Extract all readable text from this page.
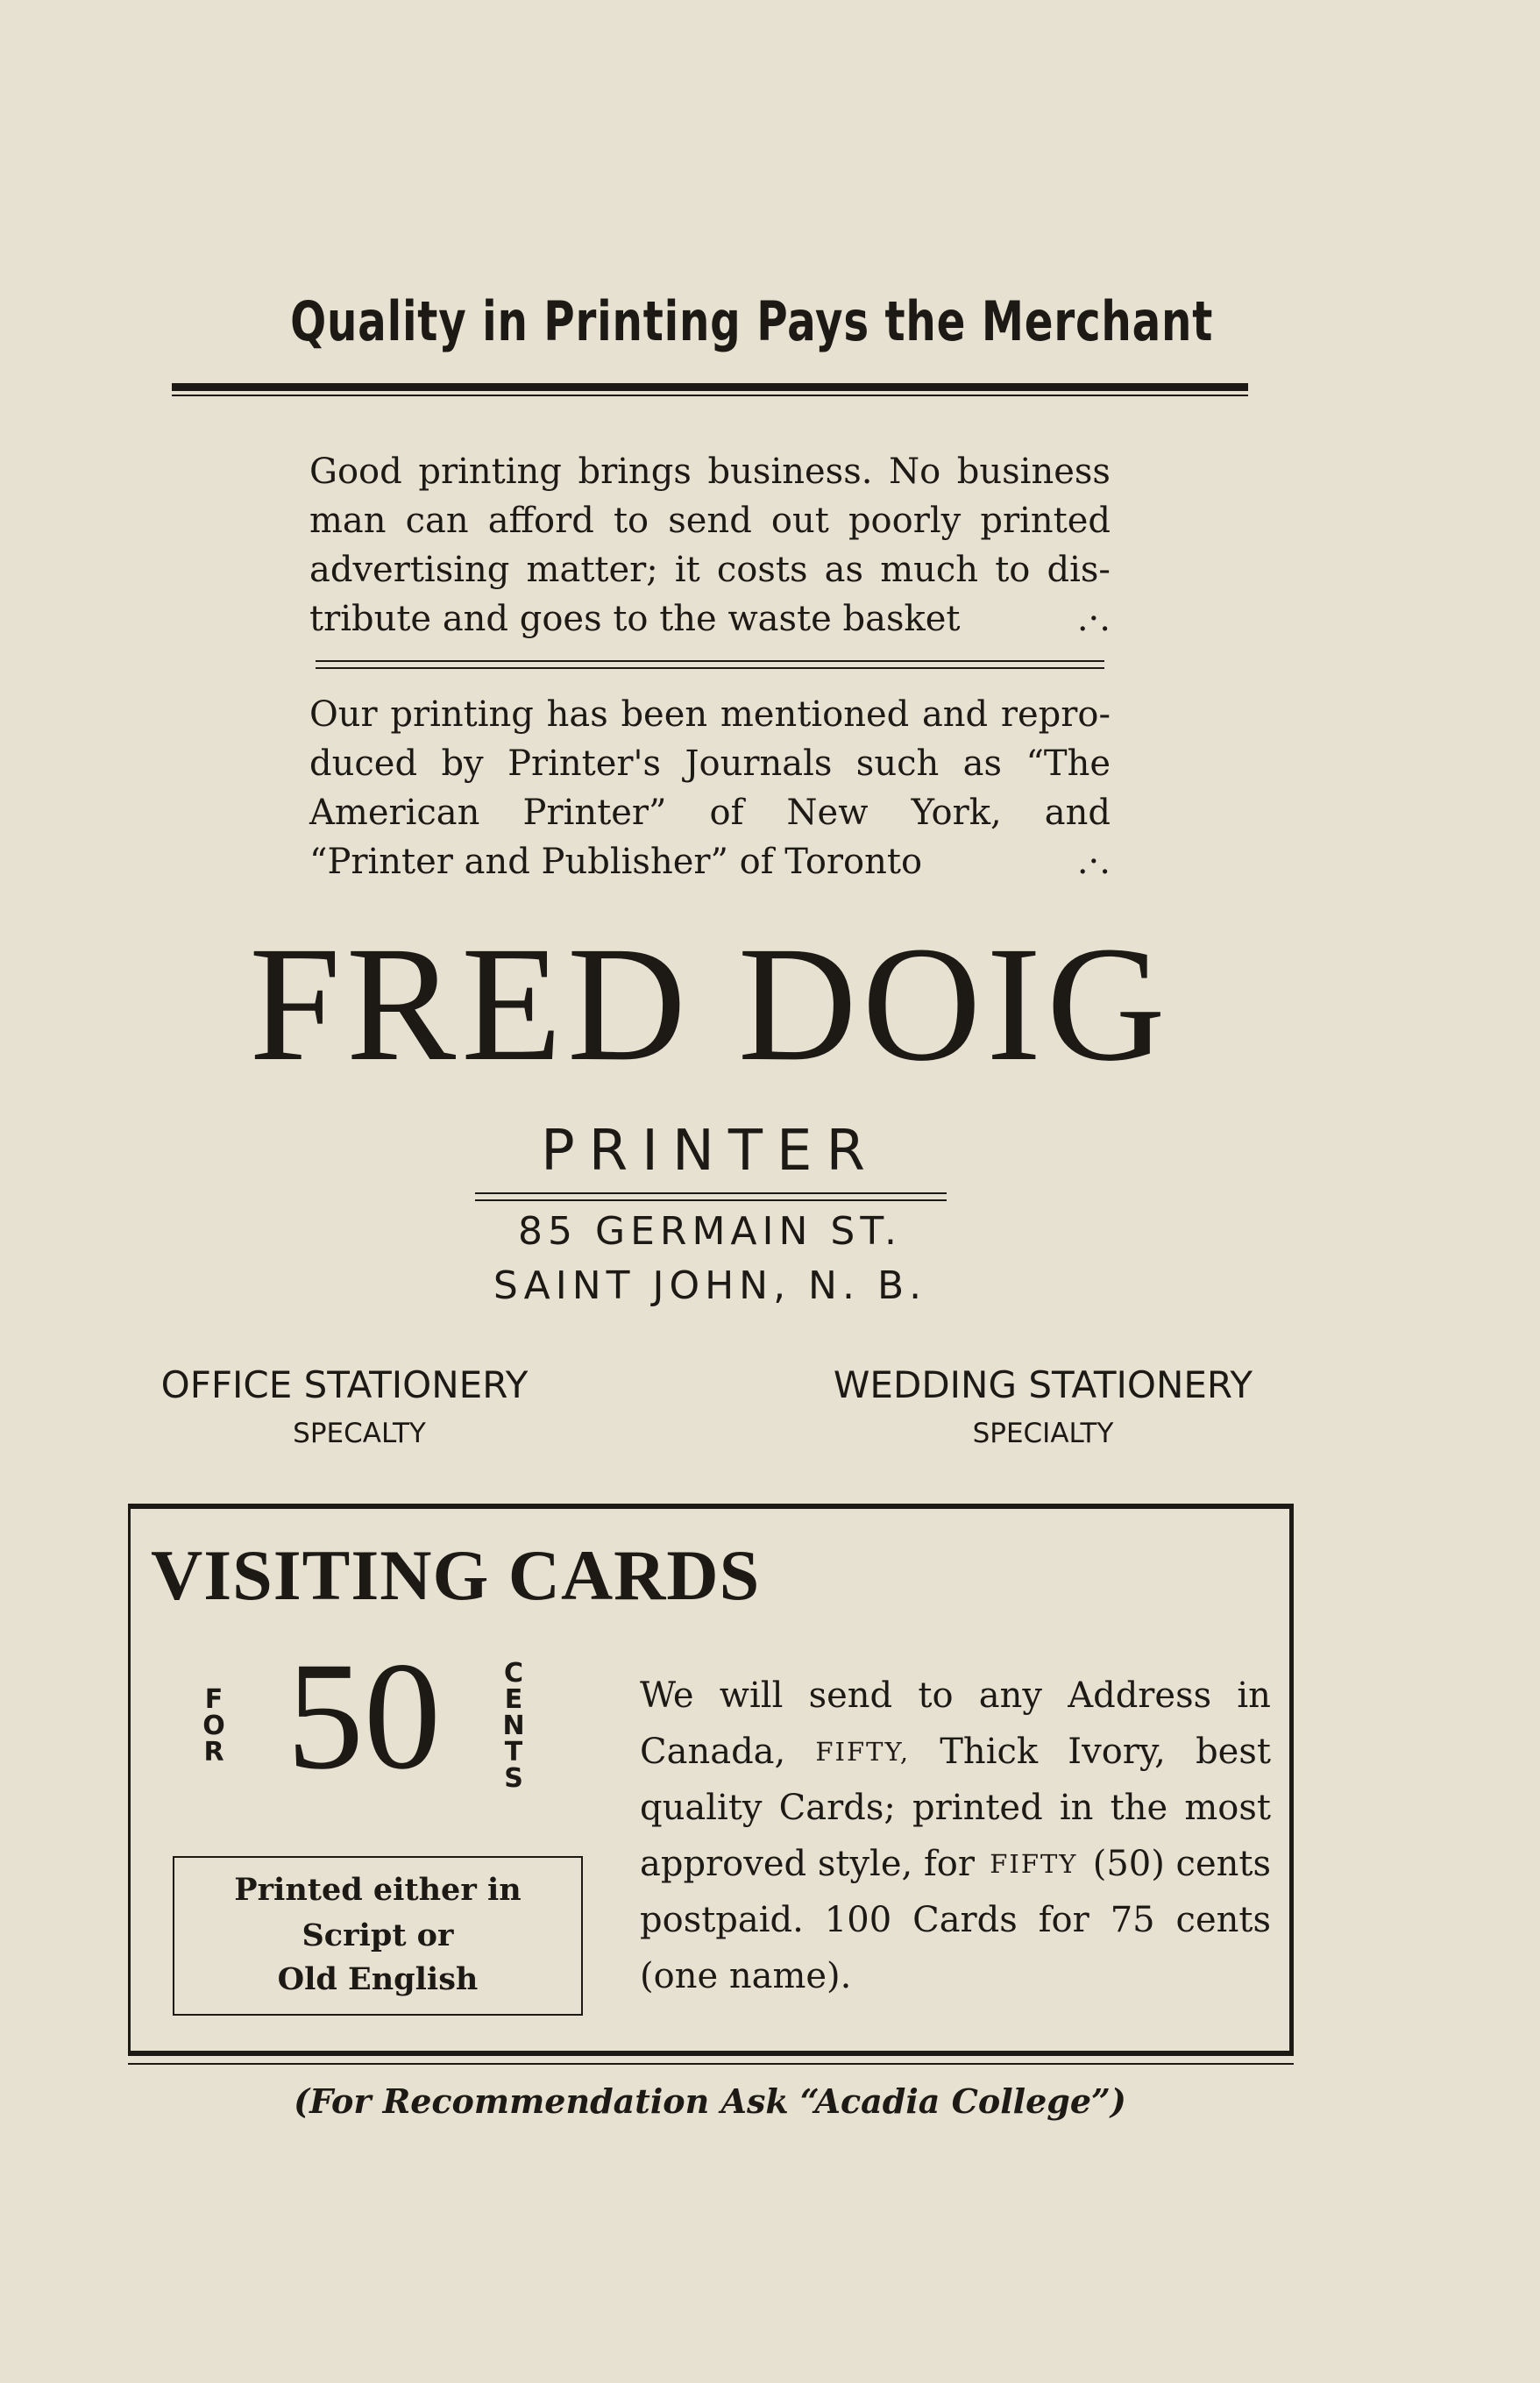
Quality in Printing Pays the Merchant
Good printing brings business. No business
man can afford to send out poorly printed
advertising matter; it costs as much to dis-
tribute and goes to the waste basket	.·.
Our printing has been mentioned and repro-
duced by Printer's Journals such as “The
American Printer” of New York, and
“Printer and Publisher” of Toronto	.·.
FRED DOIG
PRINTER
85 GERMAIN ST.
SAINT JOHN, N. B.
OFFICE STATIONERY
SPECALTY
WEDDING STATIONERY
SPECIALTY
VISITING CARDS
F
O
R 50	C
E
N
T
S
Printed either in
Script or
Old English
We will send to any Address in
Canada, FIFTY, Thick Ivory, best
quality Cards; printed in the most
approved style, for FIFTY (50) cents
postpaid. 100 Cards for 75 cents
(one name).
(For Recommendation Ask “Acadia College”)
